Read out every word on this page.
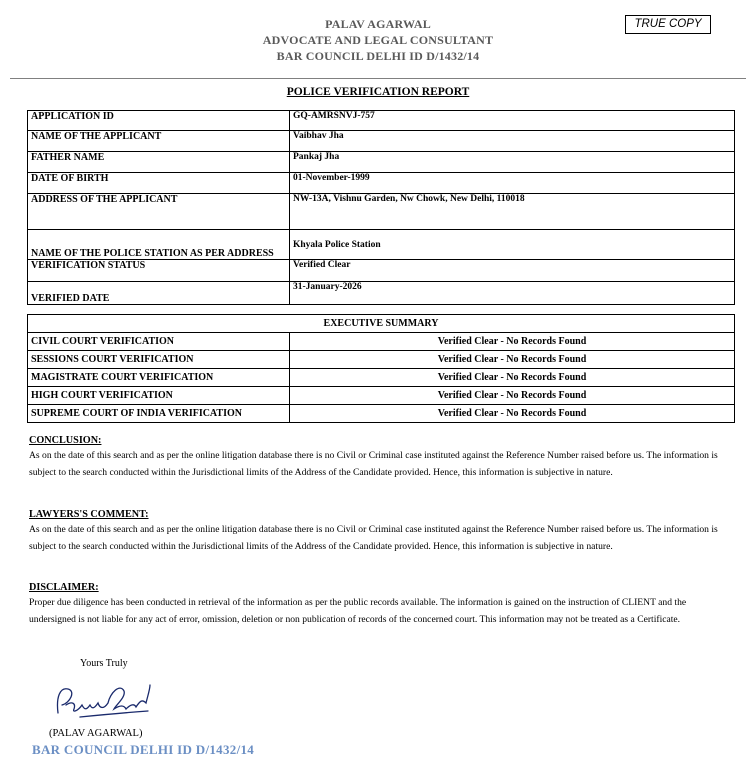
PALAV AGARWAL
ADVOCATE AND LEGAL CONSULTANT
BAR COUNCIL DELHI ID D/1432/14
TRUE COPY
POLICE VERIFICATION REPORT
APPLICATION ID	GQ-AMRSNVJ-757
NAME OF THE APPLICANT	Vaibhav Jha
FATHER NAME	Pankaj Jha
DATE OF BIRTH	01-November-1999
ADDRESS OF THE APPLICANT	NW-13A, Vishnu Garden, Nw Chowk, New Delhi, 110018
NAME OF THE POLICE STATION AS PER ADDRESS	Khyala Police Station
VERIFICATION STATUS	Verified Clear
VERIFIED DATE	31-January-2026
EXECUTIVE SUMMARY	
CIVIL COURT VERIFICATION	Verified Clear - No Records Found
SESSIONS COURT VERIFICATION	Verified Clear - No Records Found
MAGISTRATE COURT VERIFICATION	Verified Clear - No Records Found
HIGH COURT VERIFICATION	Verified Clear - No Records Found
SUPREME COURT OF INDIA VERIFICATION	Verified Clear - No Records Found
CONCLUSION:
As on the date of this search and as per the online litigation database there is no Civil or Criminal case instituted against the Reference Number raised before us. The information is subject to the search conducted within the Jurisdictional limits of the Address of the Candidate provided. Hence, this information is subjective in nature.
LAWYERS'S COMMENT:
As on the date of this search and as per the online litigation database there is no Civil or Criminal case instituted against the Reference Number raised before us. The information is subject to the search conducted within the Jurisdictional limits of the Address of the Candidate provided. Hence, this information is subjective in nature.
DISCLAIMER:
Proper due diligence has been conducted in retrieval of the information as per the public records available. The information is gained on the instruction of CLIENT and the undersigned is not liable for any act of error, omission, deletion or non publication of records of the concerned court. This information may not be treated as a Certificate.
Yours Truly
(PALAV AGARWAL)
BAR COUNCIL DELHI ID D/1432/14
